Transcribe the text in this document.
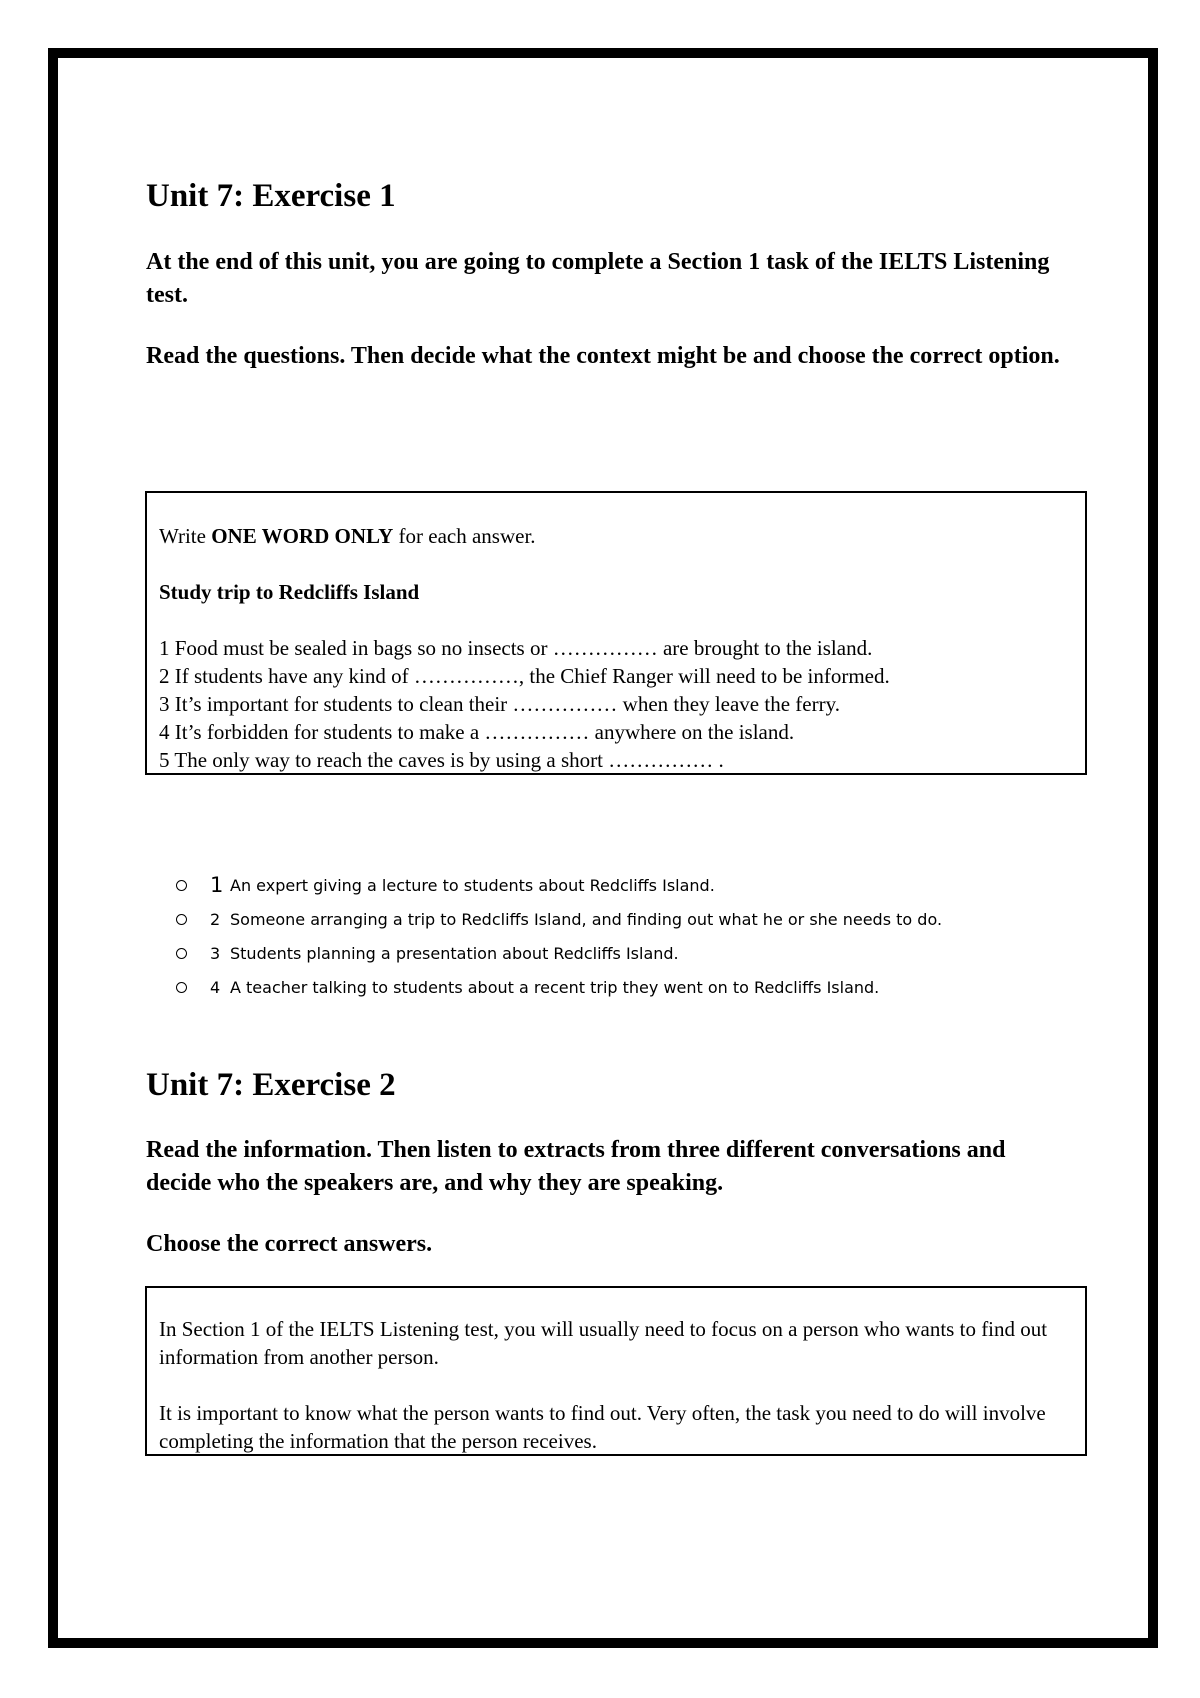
Unit 7: Exercise 1

At the end of this unit, you are going to complete a Section 1 task of the IELTS Listening test.

Read the questions. Then decide what the context might be and choose the correct option.

Write ONE WORD ONLY for each answer.

Study trip to Redcliffs Island

1 Food must be sealed in bags so no insects or …………… are brought to the island.

2 If students have any kind of ……………, the Chief Ranger will need to be informed.

3 It’s important for students to clean their …………… when they leave the ferry.

4 It’s forbidden for students to make a …………… anywhere on the island.

5 The only way to reach the caves is by using a short …………… .

1 An expert giving a lecture to students about Redcliffs Island.
2 Someone arranging a trip to Redcliffs Island, and finding out what he or she needs to do.
3 Students planning a presentation about Redcliffs Island.
4 A teacher talking to students about a recent trip they went on to Redcliffs Island.
Unit 7: Exercise 2

Read the information. Then listen to extracts from three different conversations and decide who the speakers are, and why they are speaking.

Choose the correct answers.

In Section 1 of the IELTS Listening test, you will usually need to focus on a person who wants to find out information from another person.

It is important to know what the person wants to find out. Very often, the task you need to do will involve completing the information that the person receives.
